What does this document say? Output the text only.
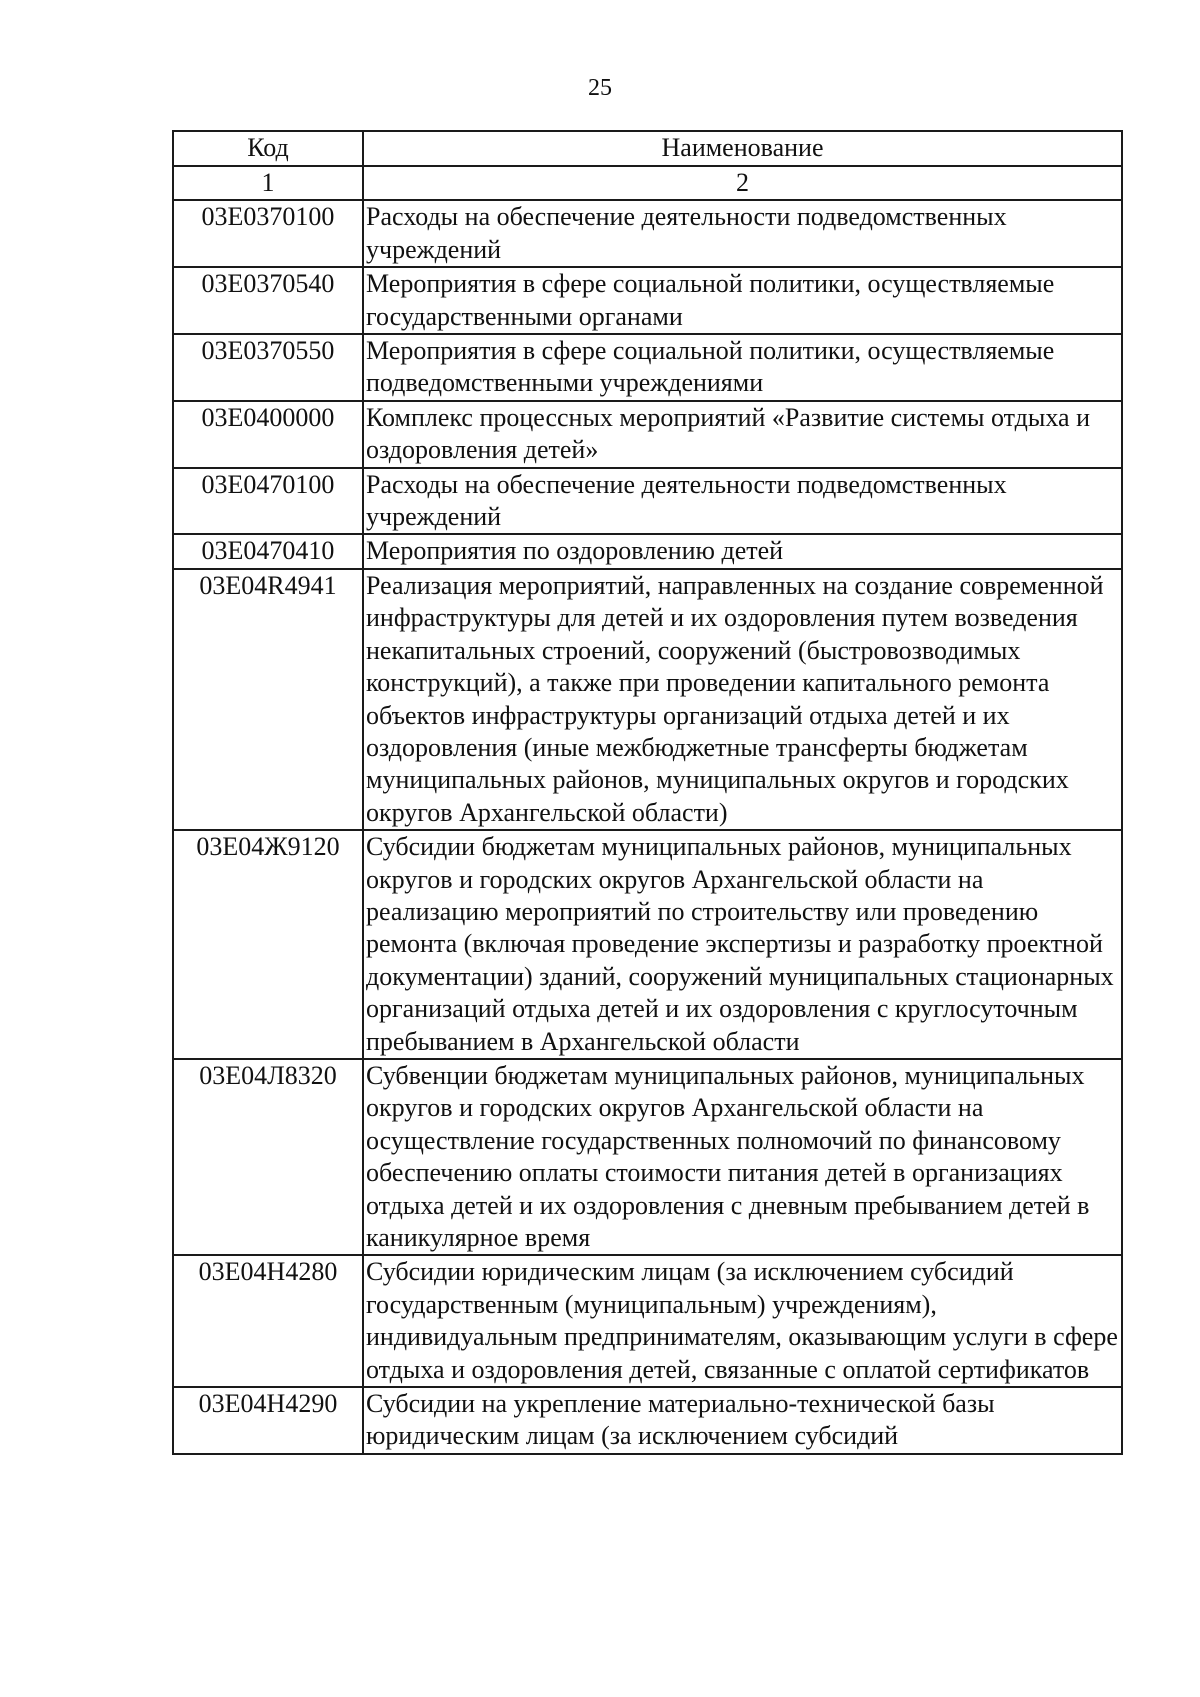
25
Код	Наименование
1	2
03Е0370100	Расходы на обеспечение деятельности подведомственных учреждений
03Е0370540	Мероприятия в сфере социальной политики, осуществляемые государственными органами
03Е0370550	Мероприятия в сфере социальной политики, осуществляемые подведомственными учреждениями
03Е0400000	Комплекс процессных мероприятий «Развитие системы отдыха и оздоровления детей»
03Е0470100	Расходы на обеспечение деятельности подведомственных учреждений
03Е0470410	Мероприятия по оздоровлению детей
03Е04R4941	Реализация мероприятий, направленных на создание современной инфраструктуры для детей и их оздоровления путем возведения некапитальных строений, сооружений (быстровозводимых конструкций), а также при проведении капитального ремонта объектов инфраструктуры организаций отдыха детей и их оздоровления (иные межбюджетные трансферты бюджетам муниципальных районов, муниципальных округов и городских округов Архангельской области)
03Е04Ж9120	Субсидии бюджетам муниципальных районов, муниципальных округов и городских округов Архангельской области на реализацию мероприятий по строительству или проведению ремонта (включая проведение экспертизы и разработку проектной документации) зданий, сооружений муниципальных стационарных организаций отдыха детей и их оздоровления с круглосуточным пребыванием в Архангельской области
03Е04Л8320	Субвенции бюджетам муниципальных районов, муниципальных округов и городских округов Архангельской области на осуществление государственных полномочий по финансовому обеспечению оплаты стоимости питания детей в организациях отдыха детей и их оздоровления с дневным пребыванием детей в каникулярное время
03Е04Н4280	Субсидии юридическим лицам (за исключением субсидий государственным (муниципальным) учреждениям), индивидуальным предпринимателям, оказывающим услуги в сфере отдыха и оздоровления детей, связанные с оплатой сертификатов
03Е04Н4290	Субсидии на укрепление материально-технической базы юридическим лицам (за исключением субсидий
